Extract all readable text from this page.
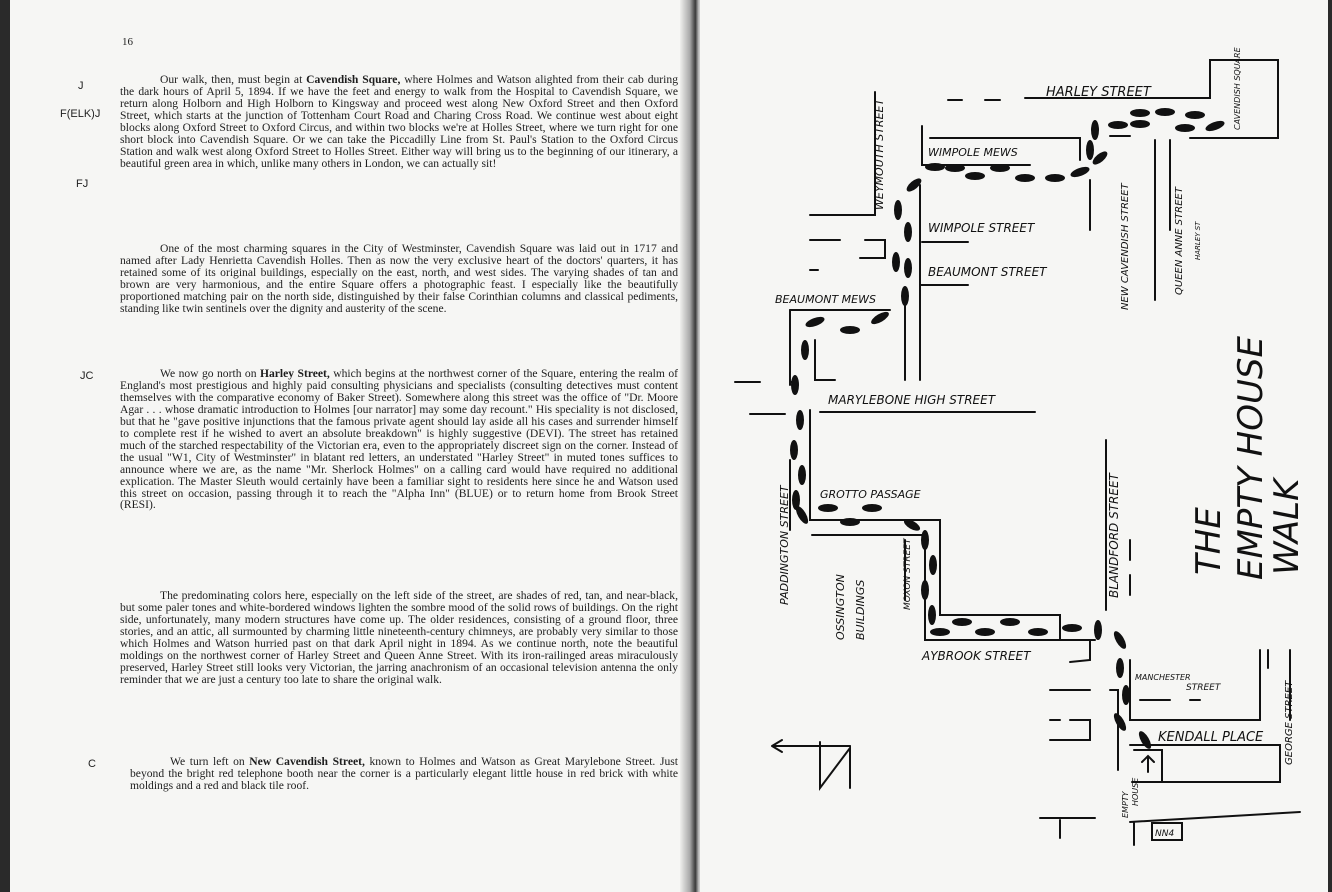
16
J
F(ELK)J
FJ
JC
C
Our walk, then, must begin at Cavendish Square, where Holmes and Watson alighted from their cab during the dark hours of April 5, 1894. If we have the feet and energy to walk from the Hospital to Cavendish Square, we return along Holborn and High Holborn to Kingsway and proceed west along New Oxford Street and then Oxford Street, which starts at the junction of Tottenham Court Road and Charing Cross Road. We continue west about eight blocks along Oxford Street to Oxford Circus, and within two blocks we're at Holles Street, where we turn right for one short block into Cavendish Square. Or we can take the Piccadilly Line from St. Paul's Station to the Oxford Circus Station and walk west along Oxford Street to Holles Street. Either way will bring us to the beginning of our itinerary, a beautiful green area in which, unlike many others in London, we can actually sit!
One of the most charming squares in the City of Westminster, Cavendish Square was laid out in 1717 and named after Lady Henrietta Cavendish Holles. Then as now the very exclusive heart of the doctors' quarters, it has retained some of its original buildings, especially on the east, north, and west sides. The varying shades of tan and brown are very harmonious, and the entire Square offers a photographic feast. I especially like the beautifully proportioned matching pair on the north side, distinguished by their false Corinthian columns and classical pediments, standing like twin sentinels over the dignity and austerity of the scene.
We now go north on Harley Street, which begins at the northwest corner of the Square, entering the realm of England's most prestigious and highly paid consulting physicians and specialists (consulting detectives must content themselves with the comparative economy of Baker Street). Somewhere along this street was the office of "Dr. Moore Agar . . . whose dramatic introduction to Holmes [our narrator] may some day recount." His speciality is not disclosed, but that he "gave positive injunctions that the famous private agent should lay aside all his cases and surrender himself to complete rest if he wished to avert an absolute breakdown" is highly suggestive (DEVI). The street has retained much of the starched respectability of the Victorian era, even to the appropriately discreet sign on the corner. Instead of the usual "W1, City of Westminster" in blatant red letters, an understated "Harley Street" in muted tones suffices to announce where we are, as the name "Mr. Sherlock Holmes" on a calling card would have required no additional explication. The Master Sleuth would certainly have been a familiar sight to residents here since he and Watson used this street on occasion, passing through it to reach the "Alpha Inn" (BLUE) or to return home from Brook Street (RESI).
The predominating colors here, especially on the left side of the street, are shades of red, tan, and near-black, but some paler tones and white-bordered windows lighten the sombre mood of the solid rows of buildings. On the right side, unfortunately, many modern structures have come up. The older residences, consisting of a ground floor, three stories, and an attic, all surmounted by charming little nineteenth-century chimneys, are probably very similar to those which Holmes and Watson hurried past on that dark April night in 1894. As we continue north, note the beautiful moldings on the northwest corner of Harley Street and Queen Anne Street. With its iron-railinged areas miraculously preserved, Harley Street still looks very Victorian, the jarring anachronism of an occasional television antenna the only reminder that we are just a century too late to share the original walk.
We turn left on New Cavendish Street, known to Holmes and Watson as Great Marylebone Street. Just beyond the bright red telephone booth near the corner is a particularly elegant little house in red brick with white moldings and a red and black tile roof.
HARLEY STREET	CAVENDISH SQUARE
WEYMOUTH STREET	WIMPOLE MEWS
NEW CAVENDISH STREET	QUEEN ANNE STREET HARLEY ST
WIMPOLE STREET
BEAUMONT STREET
BEAUMONT MEWS
MARYLEBONE HIGH STREET
PADDINGTON STREET	GROTTO PASSAGE
OSSINGTON BUILDINGS	MOXON STREET	BLANDFORD STREET
AYBROOK STREET
MANCHESTER
STREET	GEORGE STREET
KENDALL PLACE
EMPTY HOUSE
NN4
THE EMPTY HOUSE
WALK
